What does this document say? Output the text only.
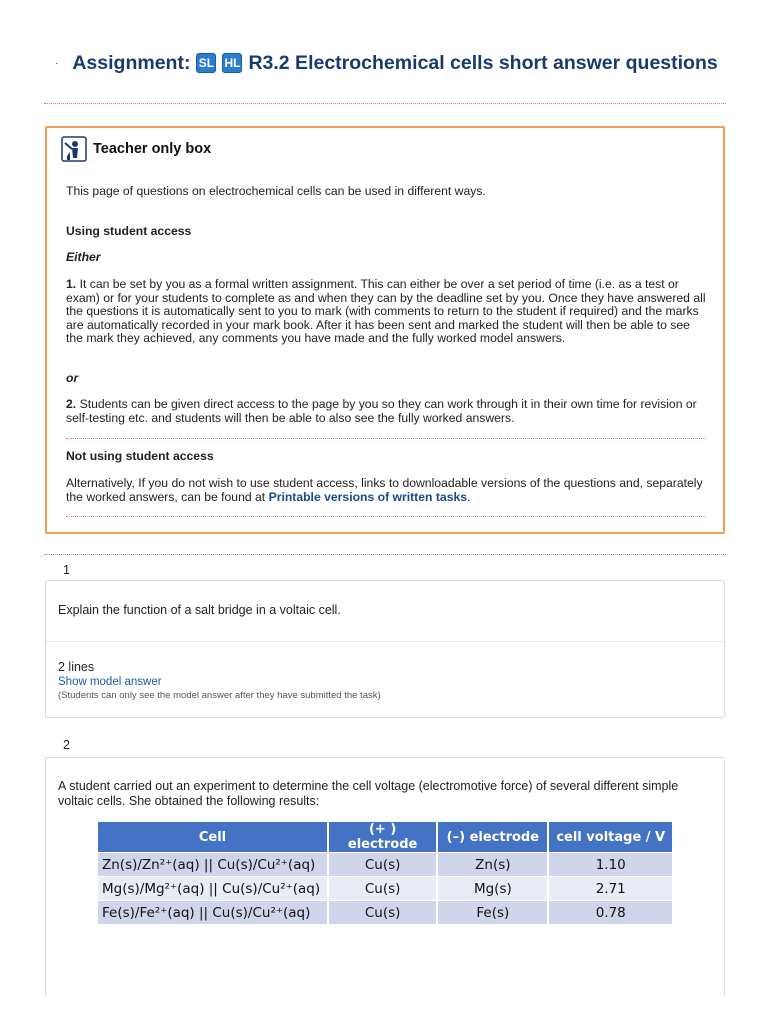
· Assignment: SL HL R3.2 Electrochemical cells short answer questions
Teacher only box
This page of questions on electrochemical cells can be used in different ways.
Using student access
Either
1. It can be set by you as a formal written assignment. This can either be over a set period of time (i.e. as a test or exam) or for your students to complete as and when they can by the deadline set by you. Once they have answered all the questions it is automatically sent to you to mark (with comments to return to the student if required) and the marks are automatically recorded in your mark book. After it has been sent and marked the student will then be able to see the mark they achieved, any comments you have made and the fully worked model answers.
or
2. Students can be given direct access to the page by you so they can work through it in their own time for revision or self-testing etc. and students will then be able to also see the fully worked answers.
Not using student access
Alternatively, If you do not wish to use student access, links to downloadable versions of the questions and, separately the worked answers, can be found at Printable versions of written tasks.
1
Explain the function of a salt bridge in a voltaic cell.
2 lines
Show model answer
(Students can only see the model answer after they have submitted the task)
2
A student carried out an experiment to determine the cell voltage (electromotive force) of several different simple voltaic cells. She obtained the following results:
Cell	(+ ) electrode	(–) electrode	cell voltage / V
Zn(s)/Zn²⁺(aq) || Cu(s)/Cu²⁺(aq)	Cu(s)	Zn(s)	1.10
Mg(s)/Mg²⁺(aq) || Cu(s)/Cu²⁺(aq)	Cu(s)	Mg(s)	2.71
Fe(s)/Fe²⁺(aq) || Cu(s)/Cu²⁺(aq)	Cu(s)	Fe(s)	0.78
